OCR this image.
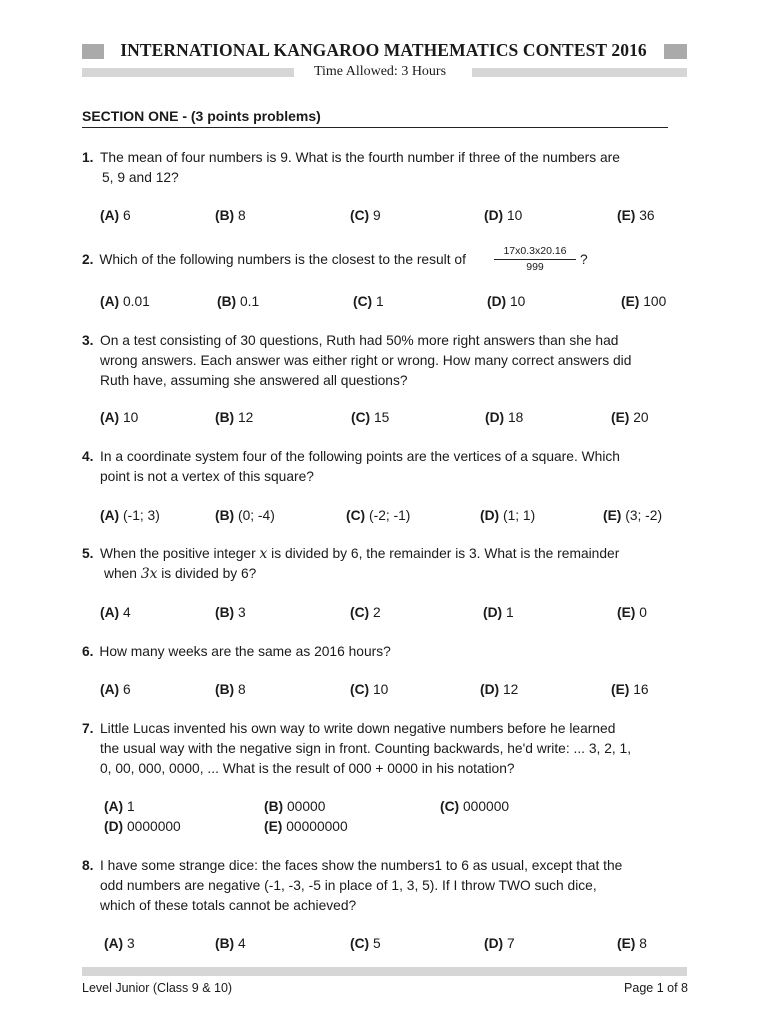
INTERNATIONAL KANGAROO MATHEMATICS CONTEST 2016
Time Allowed: 3 Hours
SECTION ONE - (3 points problems)
1. The mean of four numbers is 9. What is the fourth number if three of the numbers are
5, 9 and 12?
(A) 6	(B) 8	(C) 9	(D) 10	(E) 36
2. Which of the following numbers is the closest to the result of
17x0.3x20.16
999	?
(A) 0.01	(B) 0.1	(C) 1	(D) 10	(E) 100
3. On a test consisting of 30 questions, Ruth had 50% more right answers than she had
wrong answers. Each answer was either right or wrong. How many correct answers did
Ruth have, assuming she answered all questions?
(A) 10	(B) 12	(C) 15	(D) 18	(E) 20
4. In a coordinate system four of the following points are the vertices of a square. Which
point is not a vertex of this square?
(A) (-1; 3)	(B) (0; -4)	(C) (-2; -1)	(D) (1; 1)	(E) (3; -2)
5. When the positive integer x is divided by 6, the remainder is 3. What is the remainder
when 3x is divided by 6?
(A) 4	(B) 3	(C) 2	(D) 1	(E) 0
6. How many weeks are the same as 2016 hours?
(A) 6	(B) 8	(C) 10	(D) 12	(E) 16
7. Little Lucas invented his own way to write down negative numbers before he learned
the usual way with the negative sign in front. Counting backwards, he'd write: ... 3, 2, 1,
0, 00, 000, 0000, ... What is the result of 000 + 0000 in his notation?
(A) 1	(B) 00000	(C) 000000
(D) 0000000	(E) 00000000
8. I have some strange dice: the faces show the numbers1 to 6 as usual, except that the
odd numbers are negative (-1, -3, -5 in place of 1, 3, 5). If I throw TWO such dice,
which of these totals cannot be achieved?
(A) 3	(B) 4	(C) 5	(D) 7	(E) 8
Level Junior (Class 9 & 10)	Page 1 of 8
